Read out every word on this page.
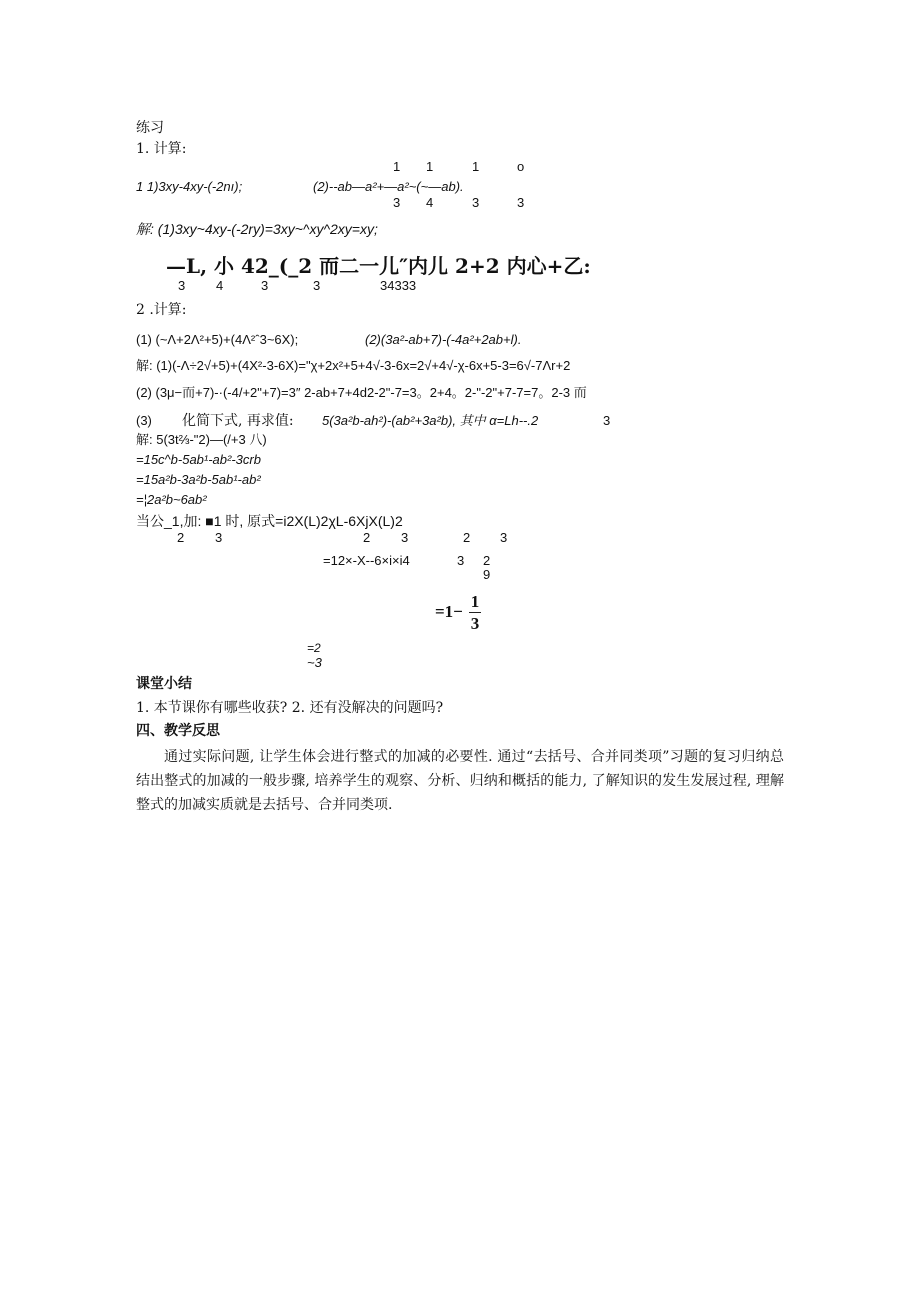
练习
1. 计算:
1 1	1	o
1 1)3xy-4xy-(-2nı);	(2)--ab—a²+—a²~(~—ab).
3 4	3	3
解: (1)3xy~4xy-(-2ry)=3xy~^xy^2xy=xy;
—L, 小 42_(_2 而二一儿″内儿 2+2 内心+乙:
3 4	3	3	34333
2 .计算:
(1) (~Λ+2Λ²+5)+(4Λ²ˆ3~6X);	(2)(3a²-ab+7)-(-4a²+2ab+l).
解: (1)(-Λ÷2√+5)+(4X²-3-6X)="χ+2x²+5+4√-3-6x=2√+4√-χ-6x+5-3=6√-7Λr+2
(2) (3μ−而+7)-·(-4/+2"+7)=3″ 2-ab+7+4d2-2"-7=3。2+4。2-"-2"+7-7=7。2-3 而
(3) 化简下式, 再求值: 5(3a²b-ah²)-(ab²+3a²b), 其中 α=Lh--.2	3
解: 5(3t⅔-"2)—(/+3 八)
=15c^b-5ab¹-ab²-3crb
=15a²b-3a²b-5ab¹-ab²
=¦2a²b~6ab²
当公_1,加: ■1 时, 原式=i2X(L)2χL-6XjX(L)2
2 3	2 3	2 3
=12×-X--6×i×i4	3 2
9
=1−
1
3
=2
~3
课堂小结
1. 本节课你有哪些收获? 2. 还有没解决的问题吗?
四、教学反思
通过实际问题, 让学生体会进行整式的加减的必要性. 通过“去括号、合并同类项”习题的复习归纳总结出整式的加减的一般步骤, 培养学生的观察、分析、归纳和概括的能力, 了解知识的发生发展过程, 理解整式的加减实质就是去括号、合并同类项.
